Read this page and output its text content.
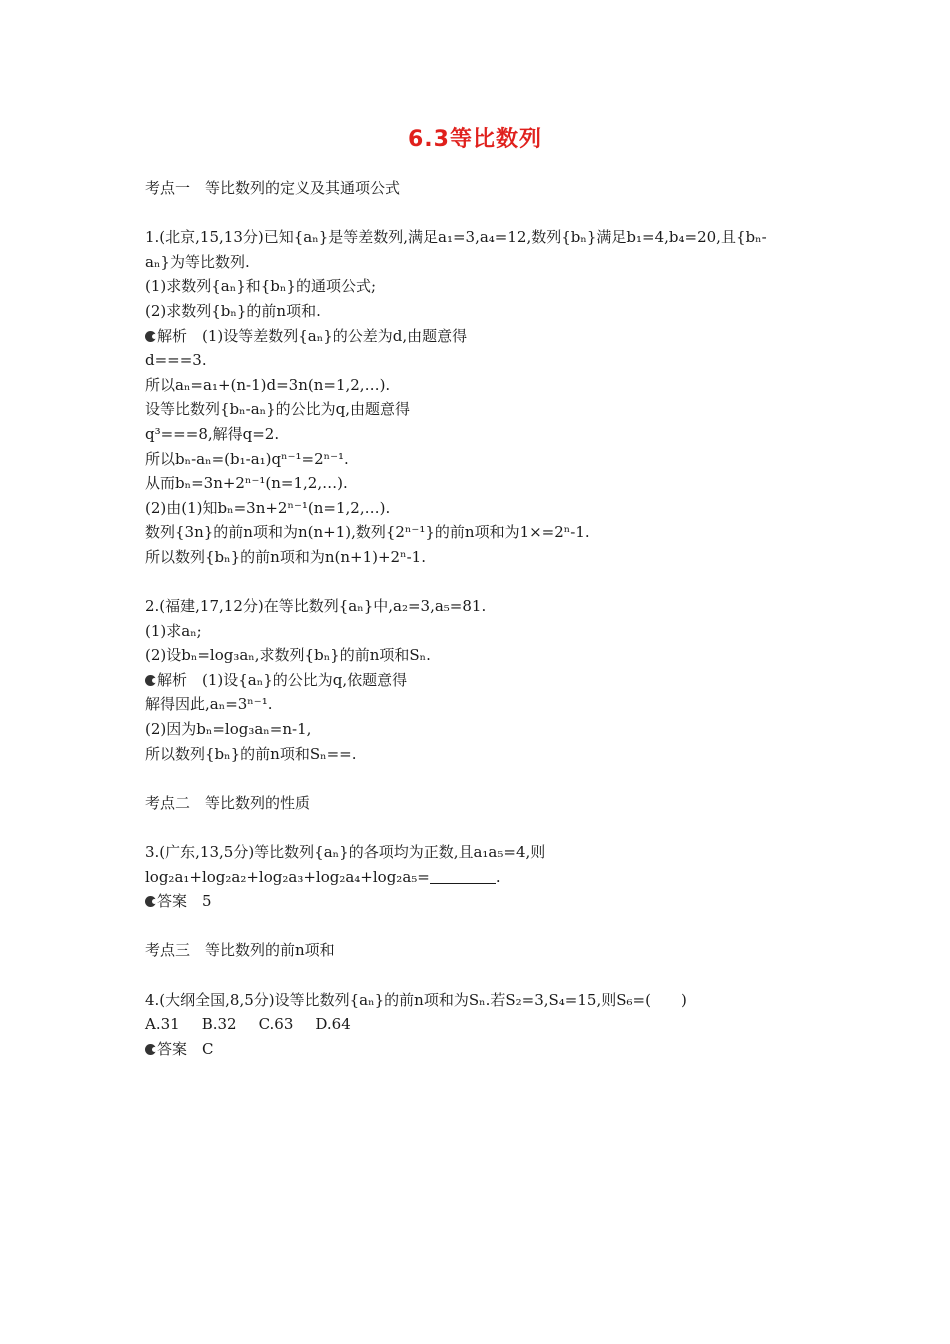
6.3等比数列
考点一　等比数列的定义及其通项公式
1.(北京,15,13分)已知{aₙ}是等差数列,满足a₁=3,a₄=12,数列{bₙ}满足b₁=4,b₄=20,且{bₙ-
aₙ}为等比数列.
(1)求数列{aₙ}和{bₙ}的通项公式;
(2)求数列{bₙ}的前n项和.
解析　(1)设等差数列{aₙ}的公差为d,由题意得
d===3.
所以aₙ=a₁+(n-1)d=3n(n=1,2,…).
设等比数列{bₙ-aₙ}的公比为q,由题意得
q³===8,解得q=2.
所以bₙ-aₙ=(b₁-a₁)qⁿ⁻¹=2ⁿ⁻¹.
从而bₙ=3n+2ⁿ⁻¹(n=1,2,…).
(2)由(1)知bₙ=3n+2ⁿ⁻¹(n=1,2,…).
数列{3n}的前n项和为n(n+1),数列{2ⁿ⁻¹}的前n项和为1×=2ⁿ-1.
所以数列{bₙ}的前n项和为n(n+1)+2ⁿ-1.
2.(福建,17,12分)在等比数列{aₙ}中,a₂=3,a₅=81.
(1)求aₙ;
(2)设bₙ=log₃aₙ,求数列{bₙ}的前n项和Sₙ.
解析　(1)设{aₙ}的公比为q,依题意得
解得因此,aₙ=3ⁿ⁻¹.
(2)因为bₙ=log₃aₙ=n-1,
所以数列{bₙ}的前n项和Sₙ==.
考点二　等比数列的性质
3.(广东,13,5分)等比数列{aₙ}的各项均为正数,且a₁a₅=4,则
log₂a₁+log₂a₂+log₂a₃+log₂a₄+log₂a₅=	.
答案　5
考点三　等比数列的前n项和
4.(大纲全国,8,5分)设等比数列{aₙ}的前n项和为Sₙ.若S₂=3,S₄=15,则S₆=(　　)
A.31 B.32 C.63 D.64
答案　C
